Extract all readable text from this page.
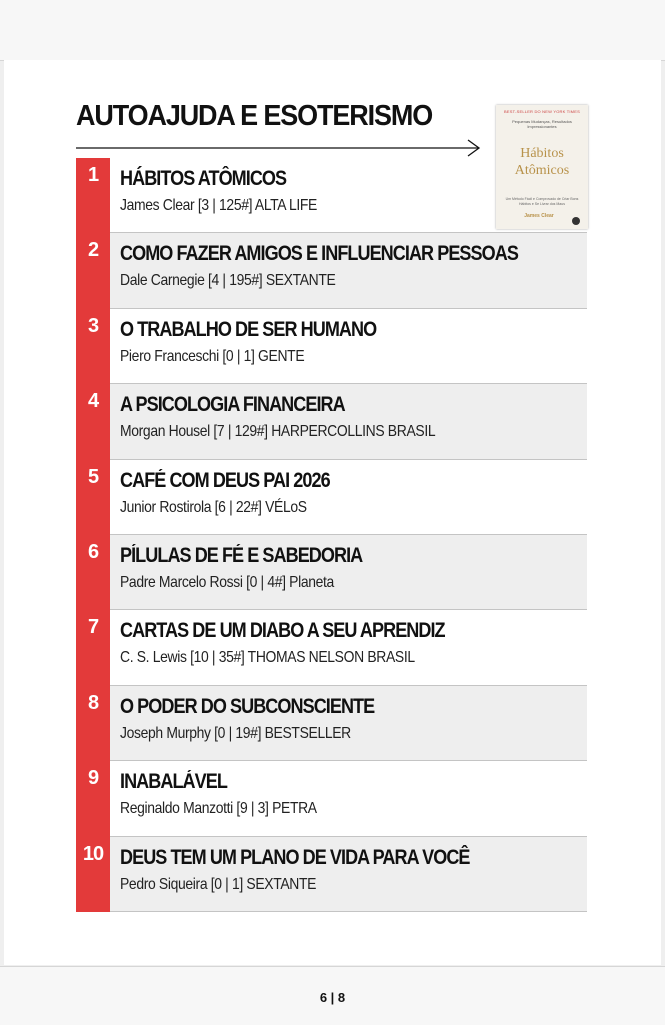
AUTOAJUDA E ESOTERISMO	BEST-SELLER DO NEW YORK TIMES
Pequenas Mudanças, Resultados Impressionantes
Hábitos
Atômicos
Um Método Fácil e Comprovado de Criar Bons Hábitos e Se Livrar dos Maus
James Clear
1	HÁBITOS ATÔMICOS
James Clear [3 | 125#] ALTA LIFE
2	COMO FAZER AMIGOS E INFLUENCIAR PESSOAS
Dale Carnegie [4 | 195#] SEXTANTE
3	O TRABALHO DE SER HUMANO
Piero Franceschi [0 | 1] GENTE
4	A PSICOLOGIA FINANCEIRA
Morgan Housel [7 | 129#] HARPERCOLLINS BRASIL
5	CAFÉ COM DEUS PAI 2026
Junior Rostirola [6 | 22#] VÉLoS
6	PÍLULAS DE FÉ E SABEDORIA
Padre Marcelo Rossi [0 | 4#] Planeta
7	CARTAS DE UM DIABO A SEU APRENDIZ
C. S. Lewis [10 | 35#] THOMAS NELSON BRASIL
8	O PODER DO SUBCONSCIENTE
Joseph Murphy [0 | 19#] BESTSELLER
9	INABALÁVEL
Reginaldo Manzotti [9 | 3] PETRA
10 DEUS TEM UM PLANO DE VIDA PARA VOCÊ
Pedro Siqueira [0 | 1] SEXTANTE
6 | 8
